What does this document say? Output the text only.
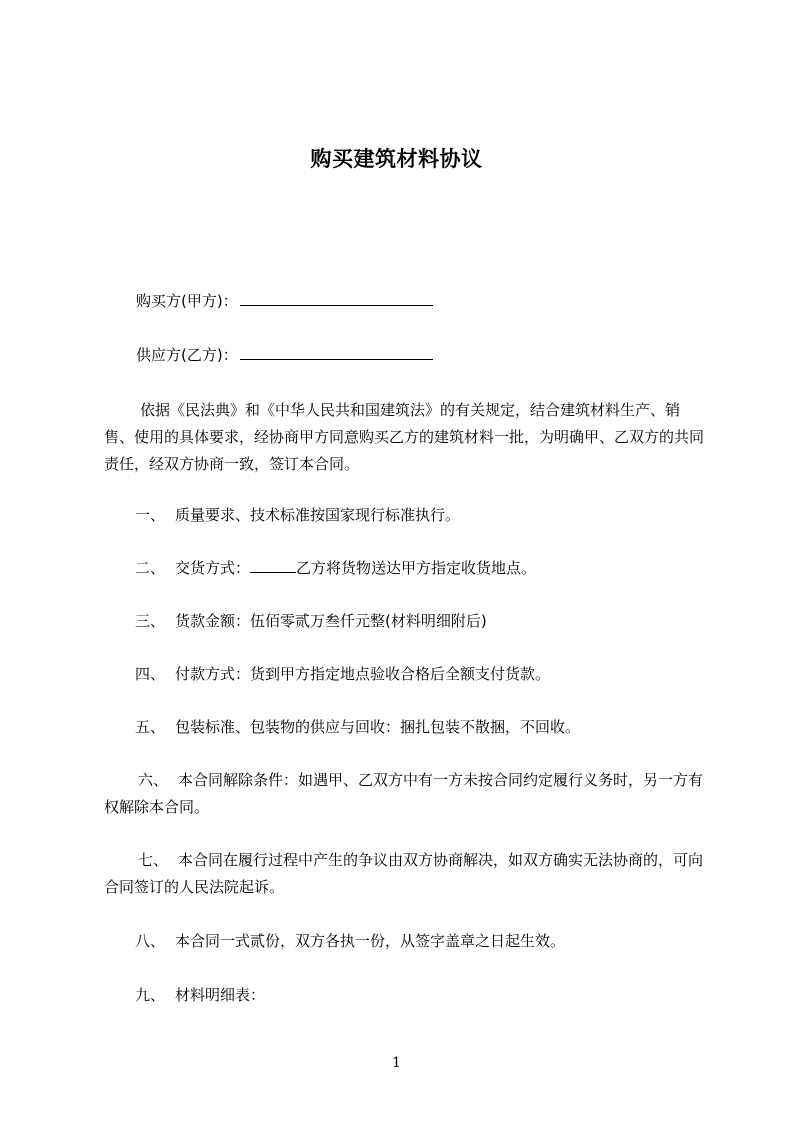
购买建筑材料协议
购买方(甲方)：
供应方(乙方)：
依据《民法典》和《中华人民共和国建筑法》的有关规定，结合建筑材料生产、销售、使用的具体要求，经协商甲方同意购买乙方的建筑材料一批，为明确甲、乙双方的共同责任，经双方协商一致，签订本合同。
一、 质量要求、技术标准按国家现行标准执行。
二、 交货方式：	乙方将货物送达甲方指定收货地点。
三、 货款金额：伍佰零贰万叁仟元整(材料明细附后)
四、 付款方式：货到甲方指定地点验收合格后全额支付货款。
五、 包装标准、包装物的供应与回收：捆扎包装不散捆，不回收。
六、 本合同解除条件：如遇甲、乙双方中有一方未按合同约定履行义务时，另一方有权解除本合同。
七、 本合同在履行过程中产生的争议由双方协商解决，如双方确实无法协商的，可向合同签订的人民法院起诉。
八、 本合同一式贰份，双方各执一份，从签字盖章之日起生效。
九、 材料明细表：
1
